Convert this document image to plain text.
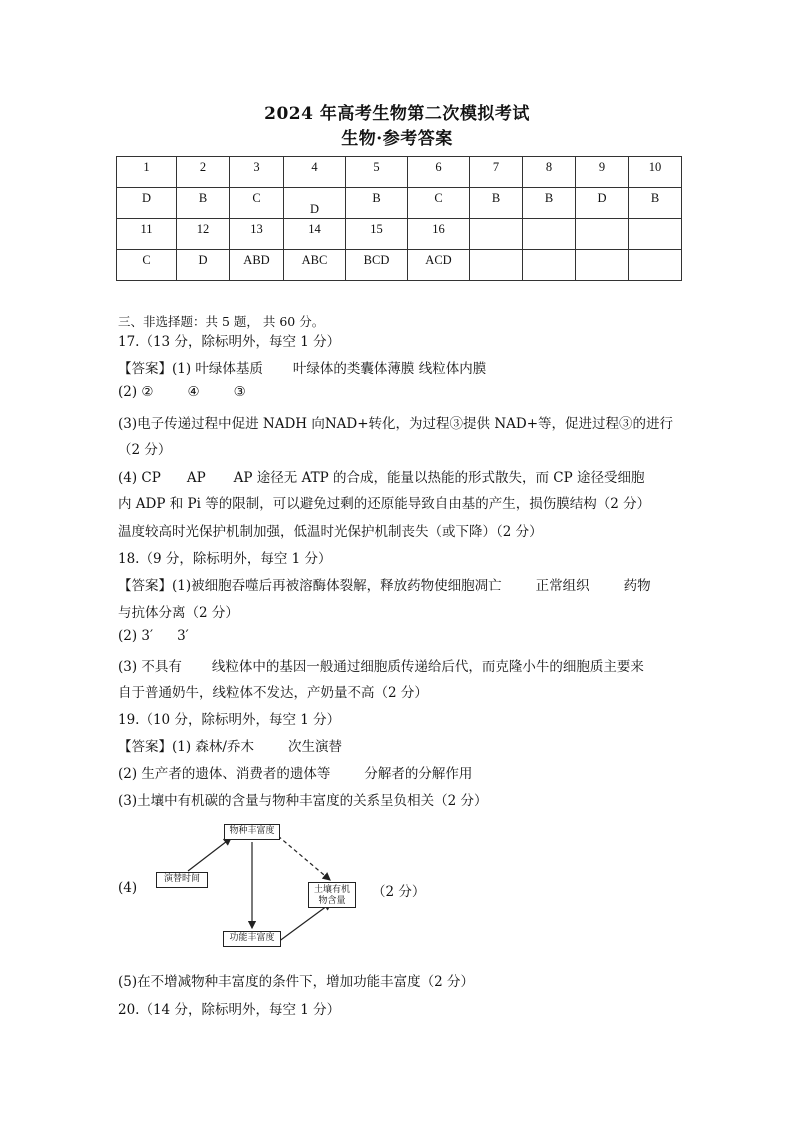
2024 年高考生物第二次模拟考试
生物·参考答案
1	2	3	4	5	6	7	8	9	10
D	B	C	D	B	C	B	B	D	B
11	12	13	14	15	16				
C	D	ABD	ABC	BCD	ACD				
三、非选择题：共 5 题， 共 60 分。
17.（13 分，除标明外，每空 1 分）
【答案】(1) 叶绿体基质 叶绿体的类囊体薄膜 线粒体内膜
(2) ②	④	③
(3)电子传递过程中促进 NADH 向NAD+转化，为过程③提供 NAD+等，促进过程③的进行
（2 分）
(4) CP AP AP 途径无 ATP 的合成，能量以热能的形式散失，而 CP 途径受细胞
内 ADP 和 Pi 等的限制，可以避免过剩的还原能导致自由基的产生，损伤膜结构（2 分）
温度较高时光保护机制加强，低温时光保护机制丧失（或下降）（2 分）
18.（9 分，除标明外，每空 1 分）
【答案】(1)被细胞吞噬后再被溶酶体裂解，释放药物使细胞凋亡	正常组织	药物
与抗体分离（2 分）
(2) 3′ 3′
(3) 不具有 线粒体中的基因一般通过细胞质传递给后代，而克隆小牛的细胞质主要来
自于普通奶牛，线粒体不发达，产奶量不高（2 分）
19.（10 分，除标明外，每空 1 分）
【答案】(1) 森林/乔木	次生演替
(2) 生产者的遗体、消费者的遗体等	分解者的分解作用
(3)土壤中有机碳的含量与物种丰富度的关系呈负相关（2 分）
(4)
物种丰富度
演替时间
土壤有机物含量
功能丰富度
（2 分）
(5)在不增减物种丰富度的条件下，增加功能丰富度（2 分）
20.（14 分，除标明外，每空 1 分）
